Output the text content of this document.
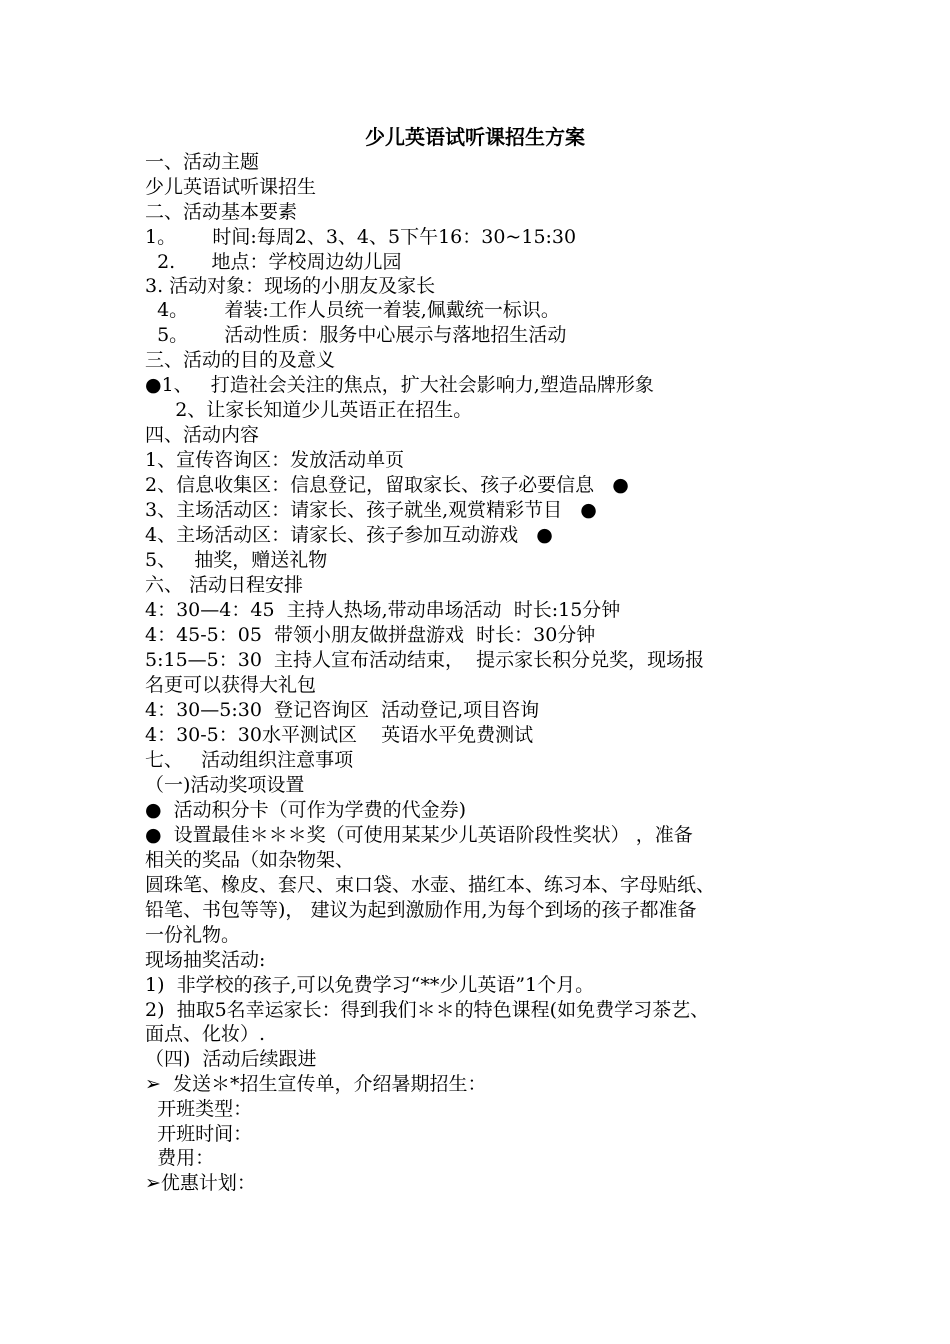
少儿英语试听课招生方案
一、活动主题
少儿英语试听课招生
二、活动基本要素
1。      时间:每周2、3、4、5下午16：30~15:30
2.      地点：学校周边幼儿园
3. 活动对象：现场的小朋友及家长
4。      着装:工作人员统一着装,佩戴统一标识。
5。      活动性质：服务中心展示与落地招生活动
三、活动的目的及意义
●1、   打造社会关注的焦点，扩大社会影响力,塑造品牌形象
2、让家长知道少儿英语正在招生。
四、活动内容
1、宣传咨询区：发放活动单页
2、信息收集区：信息登记，留取家长、孩子必要信息   ●
3、主场活动区：请家长、孩子就坐,观赏精彩节目   ●
4、主场活动区：请家长、孩子参加互动游戏   ●
5、   抽奖，赠送礼物
六、 活动日程安排
4：30—4：45  主持人热场,带动串场活动  时长:15分钟
4：45-5：05  带领小朋友做拼盘游戏  时长：30分钟
5:15—5：30  主持人宣布活动结束，  提示家长积分兑奖，现场报
名更可以获得大礼包
4：30—5:30  登记咨询区  活动登记,项目咨询
4：30-5：30水平测试区    英语水平免费测试
七、   活动组织注意事项
（一)活动奖项设置
●  活动积分卡（可作为学费的代金券)
●  设置最佳＊＊＊奖（可使用某某少儿英语阶段性奖状） ，准备
相关的奖品（如杂物架、
圆珠笔、橡皮、套尺、束口袋、水壶、描红本、练习本、字母贴纸、
铅笔、书包等等)， 建议为起到激励作用,为每个到场的孩子都准备
一份礼物。
现场抽奖活动:
1)  非学校的孩子,可以免费学习“**少儿英语”1个月。
2)  抽取5名幸运家长：得到我们＊＊的特色课程(如免费学习茶艺、
面点、化妆）.
（四)  活动后续跟进
➢  发送＊*招生宣传单，介绍暑期招生：
开班类型：
开班时间：
费用：
➢优惠计划：
